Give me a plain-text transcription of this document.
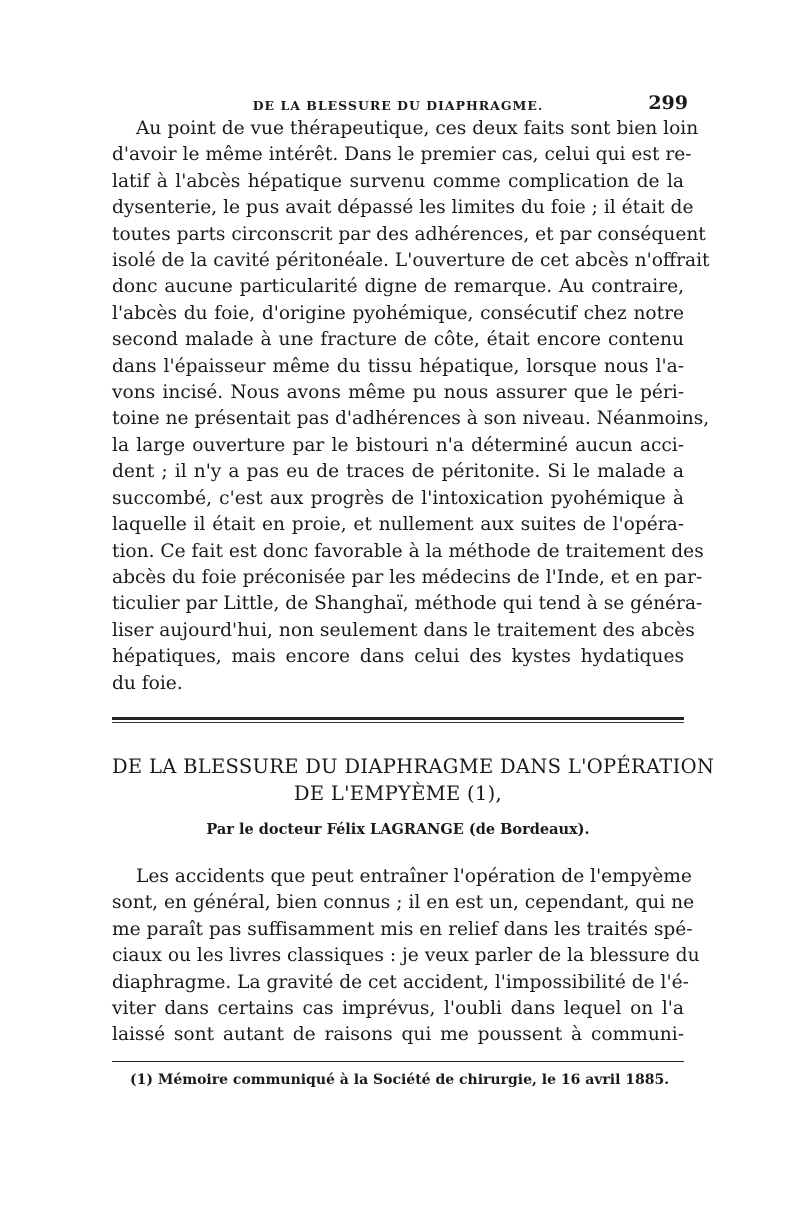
DE LA BLESSURE DU DIAPHRAGME.	299

Au point de vue thérapeutique, ces deux faits sont bien loin
d'avoir le même intérêt. Dans le premier cas, celui qui est re-
latif à l'abcès hépatique survenu comme complication de la
dysenterie, le pus avait dépassé les limites du foie ; il était de
toutes parts circonscrit par des adhérences, et par conséquent
isolé de la cavité péritonéale. L'ouverture de cet abcès n'offrait
donc aucune particularité digne de remarque. Au contraire,
l'abcès du foie, d'origine pyohémique, consécutif chez notre
second malade à une fracture de côte, était encore contenu
dans l'épaisseur même du tissu hépatique, lorsque nous l'a-
vons incisé. Nous avons même pu nous assurer que le péri-
toine ne présentait pas d'adhérences à son niveau. Néanmoins,
la large ouverture par le bistouri n'a déterminé aucun acci-
dent ; il n'y a pas eu de traces de péritonite. Si le malade a
succombé, c'est aux progrès de l'intoxication pyohémique à
laquelle il était en proie, et nullement aux suites de l'opéra-
tion. Ce fait est donc favorable à la méthode de traitement des
abcès du foie préconisée par les médecins de l'Inde, et en par-
ticulier par Little, de Shanghaï, méthode qui tend à se généra-
liser aujourd'hui, non seulement dans le traitement des abcès
hépatiques, mais encore dans celui des kystes hydatiques
du foie.

DE LA BLESSURE DU DIAPHRAGME DANS L'OPÉRATION
DE L'EMPYÈME (1),
Par le docteur Félix LAGRANGE (de Bordeaux).

Les accidents que peut entraîner l'opération de l'empyème
sont, en général, bien connus ; il en est un, cependant, qui ne
me paraît pas suffisamment mis en relief dans les traités spé-
ciaux ou les livres classiques : je veux parler de la blessure du
diaphragme. La gravité de cet accident, l'impossibilité de l'é-
viter dans certains cas imprévus, l'oubli dans lequel on l'a
laissé sont autant de raisons qui me poussent à communi-

(1) Mémoire communiqué à la Société de chirurgie, le 16 avril 1885.
